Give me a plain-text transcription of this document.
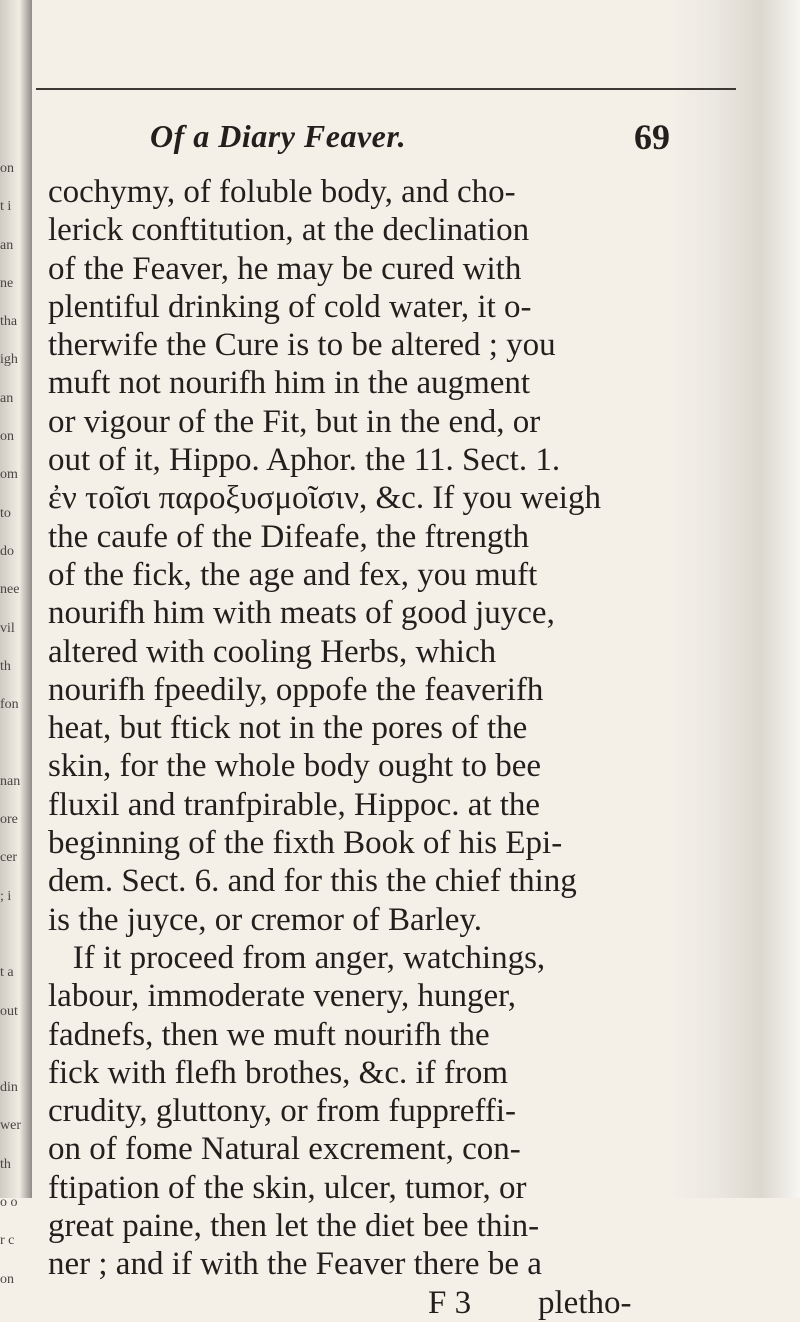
on
t i
an
ne
tha
igh
an
on
om
to
do
nee
vil
th
fon

nan
ore
cer
; i

t a
out

din
wer
th
o o
r c
on
Of a Diary Feaver.	69
cochymy, of foluble body, and cho-
lerick conftitution, at the declination
of the Feaver, he may be cured with
plentiful drinking of cold water, it o-
therwife the Cure is to be altered ; you
muft not nourifh him in the augment
or vigour of the Fit, but in the end, or
out of it, Hippo. Aphor. the 11. Sect. 1.
ἐν τοῖσι παροξυσμοῖσιν, &c. If you weigh
the caufe of the Difeafe, the ftrength
of the fick, the age and fex, you muft
nourifh him with meats of good juyce,
altered with cooling Herbs, which
nourifh fpeedily, oppofe the feaverifh
heat, but ftick not in the pores of the
skin, for the whole body ought to bee
fluxil and tranfpirable, Hippoc. at the
beginning of the fixth Book of his Epi-
dem. Sect. 6. and for this the chief thing
is the juyce, or cremor of Barley.
If it proceed from anger, watchings,
labour, immoderate venery, hunger,
fadnefs, then we muft nourifh the
fick with flefh brothes, &c. if from
crudity, gluttony, or from fuppreffi-
on of fome Natural excrement, con-
ftipation of the skin, ulcer, tumor, or
great paine, then let the diet bee thin-
ner ; and if with the Feaver there be a
F 3 pletho-
